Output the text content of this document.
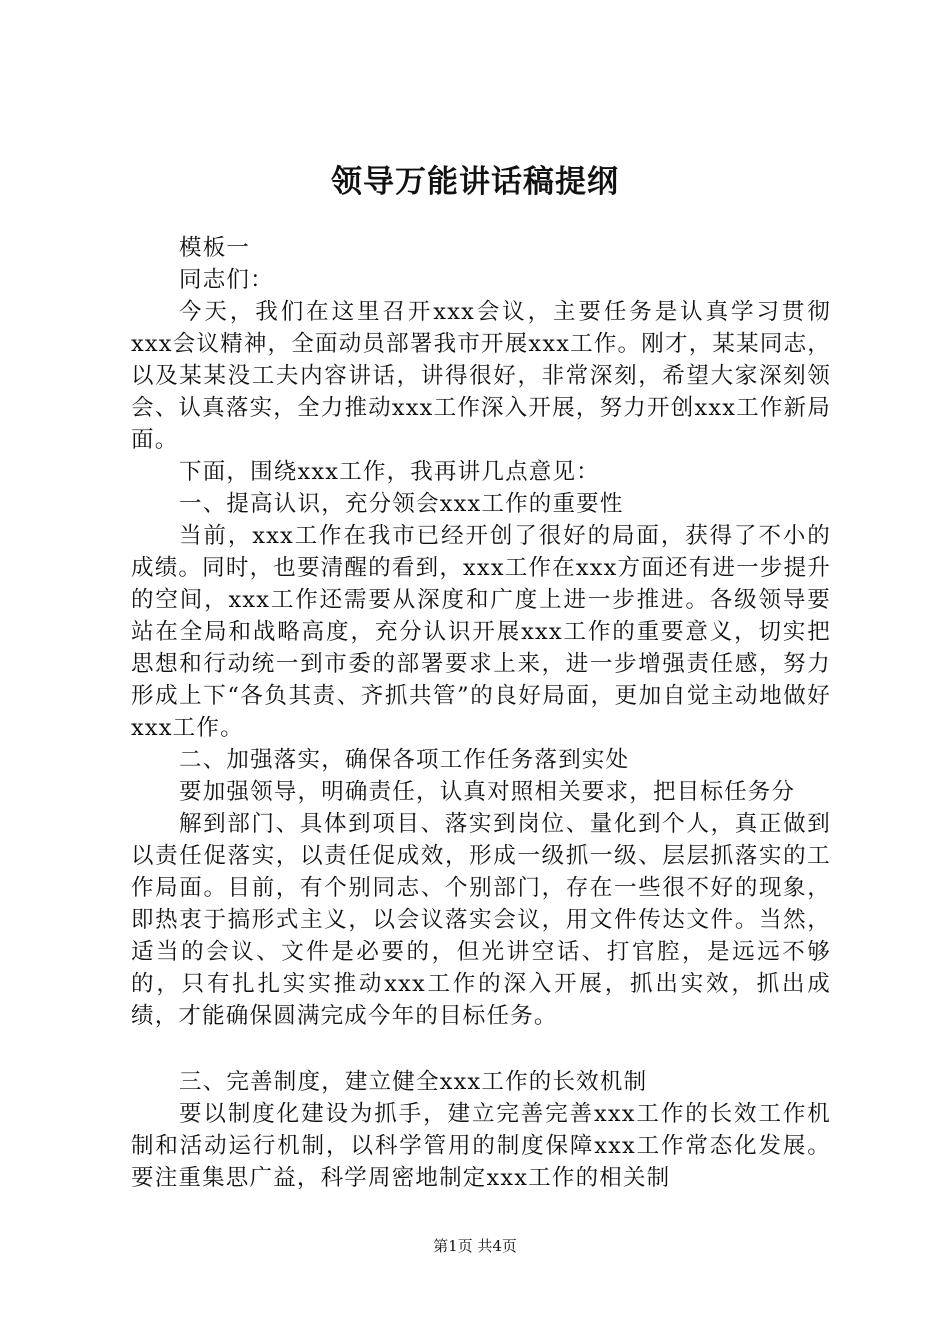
领导万能讲话稿提纲

模板一

同志们：

今天，我们在这里召开xxx会议，主要任务是认真学习贯彻xxx会议精神，全面动员部署我市开展xxx工作。刚才，某某同志，以及某某没工夫内容讲话，讲得很好，非常深刻，希望大家深刻领会、认真落实，全力推动xxx工作深入开展，努力开创xxx工作新局面。

下面，围绕xxx工作，我再讲几点意见：

一、提高认识，充分领会xxx工作的重要性

当前，xxx工作在我市已经开创了很好的局面，获得了不小的成绩。同时，也要清醒的看到，xxx工作在xxx方面还有进一步提升的空间，xxx工作还需要从深度和广度上进一步推进。各级领导要站在全局和战略高度，充分认识开展xxx工作的重要意义，切实把思想和行动统一到市委的部署要求上来，进一步增强责任感，努力形成上下“各负其责、齐抓共管”的良好局面，更加自觉主动地做好xxx工作。

二、加强落实，确保各项工作任务落到实处

要加强领导，明确责任，认真对照相关要求，把目标任务分

解到部门、具体到项目、落实到岗位、量化到个人，真正做到以责任促落实，以责任促成效，形成一级抓一级、层层抓落实的工作局面。目前，有个别同志、个别部门，存在一些很不好的现象，即热衷于搞形式主义，以会议落实会议，用文件传达文件。当然，适当的会议、文件是必要的，但光讲空话、打官腔，是远远不够的，只有扎扎实实推动xxx工作的深入开展，抓出实效，抓出成绩，才能确保圆满完成今年的目标任务。

三、完善制度，建立健全xxx工作的长效机制

要以制度化建设为抓手，建立完善完善xxx工作的长效工作机制和活动运行机制，以科学管用的制度保障xxx工作常态化发展。要注重集思广益，科学周密地制定xxx工作的相关制

第1页 共4页
